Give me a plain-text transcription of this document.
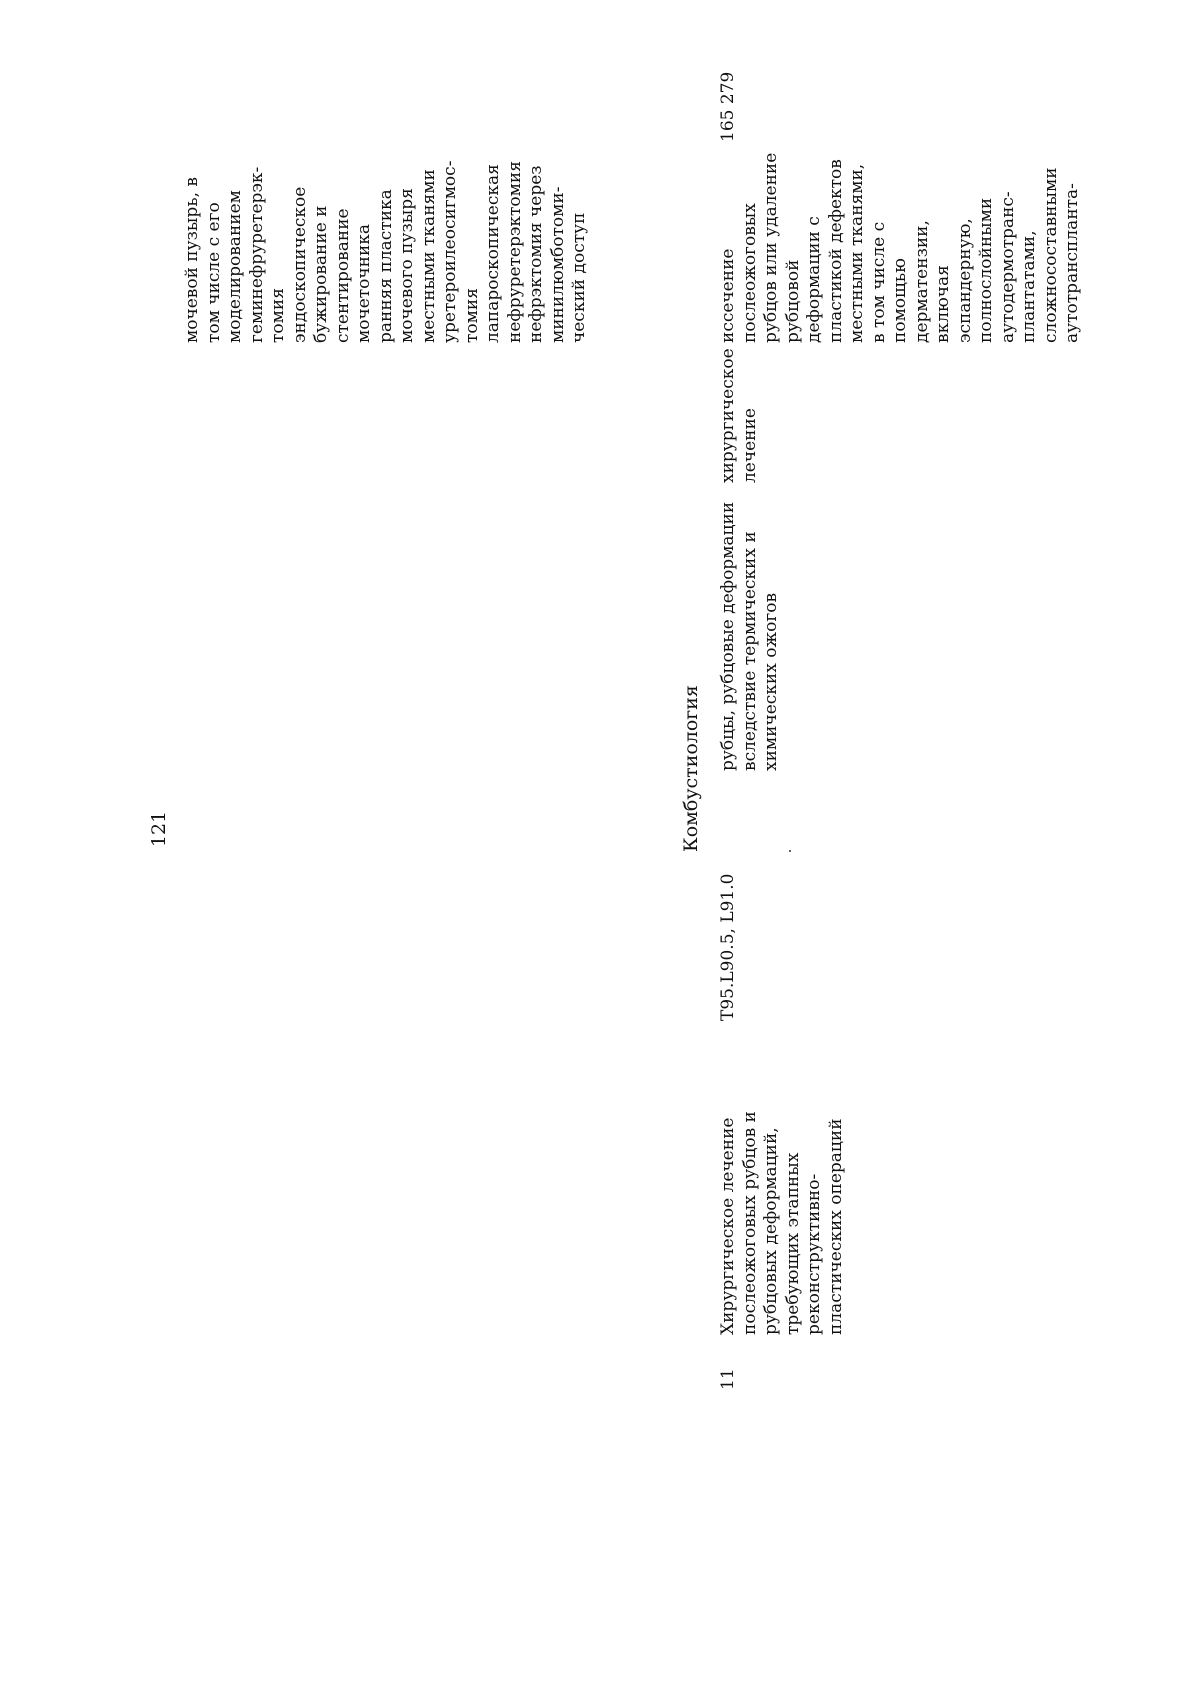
121	Комбустиология
мочевой пузырь, в том числе с его моделированием геминефруретерэк- томия эндоскопическое бужирование и стентирование мочеточника ранняя пластика мочевого пузыря местными тканями уретероилеосигмос- томия лапароскопическая нефруретерэктомия нефрэктомия через минилюмботоми- ческий доступ
11
Хирургическое лечение послеожоговых рубцов и рубцовых деформаций, требующих этапных реконструктивно- пластических операций
T95.L90.5, L91.0
рубцы, рубцовые деформации вследствие термических и химических ожогов
хирургическое лечение
иссечение послеожоговых рубцов или удаление рубцовой деформации с пластикой дефектов местными тканями, в том числе с помощью дерматензии, включая эспандерную, полнослойными аутодермотранс- плантатами, сложносоставными аутотрансплантa-
165 279
